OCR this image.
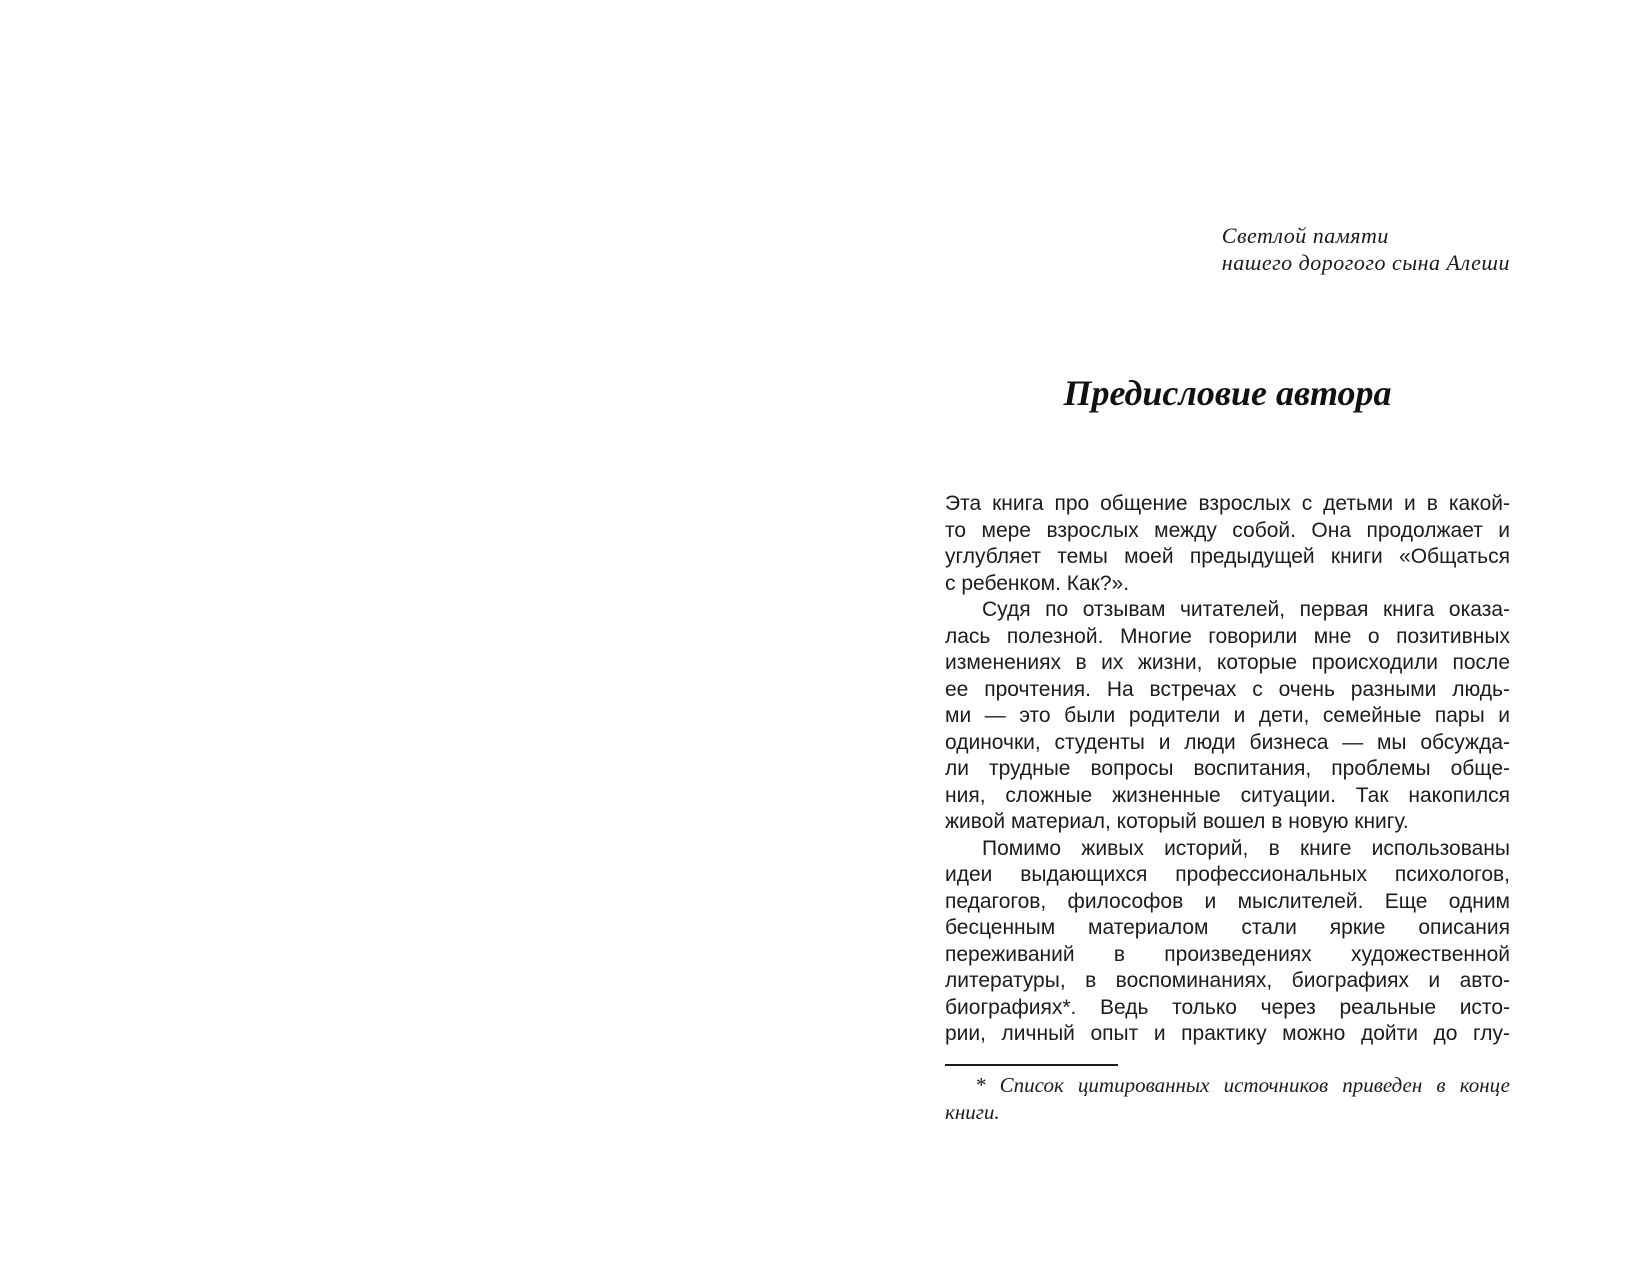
Светлой памяти
нашего дорогого сына Алеши
Предисловие автора
Эта книга про общение взрослых с детьми и в какой-
то мере взрослых между собой. Она продолжает и
углубляет темы моей предыдущей книги «Общаться
с ребенком. Как?».
Судя по отзывам читателей, первая книга оказа-
лась полезной. Многие говорили мне о позитивных
изменениях в их жизни, которые происходили после
ее прочтения. На встречах с очень разными людь-
ми — это были родители и дети, семейные пары и
одиночки, студенты и люди бизнеса — мы обсужда-
ли трудные вопросы воспитания, проблемы обще-
ния, сложные жизненные ситуации. Так накопился
живой материал, который вошел в новую книгу.
Помимо живых историй, в книге использованы
идеи выдающихся профессиональных психологов,
педагогов, философов и мыслителей. Еще одним
бесценным материалом стали яркие описания
переживаний в произведениях художественной
литературы, в воспоминаниях, биографиях и авто-
биографиях*. Ведь только через реальные исто-
рии, личный опыт и практику можно дойти до глу-
* Список цитированных источников приведен в конце
книги.
